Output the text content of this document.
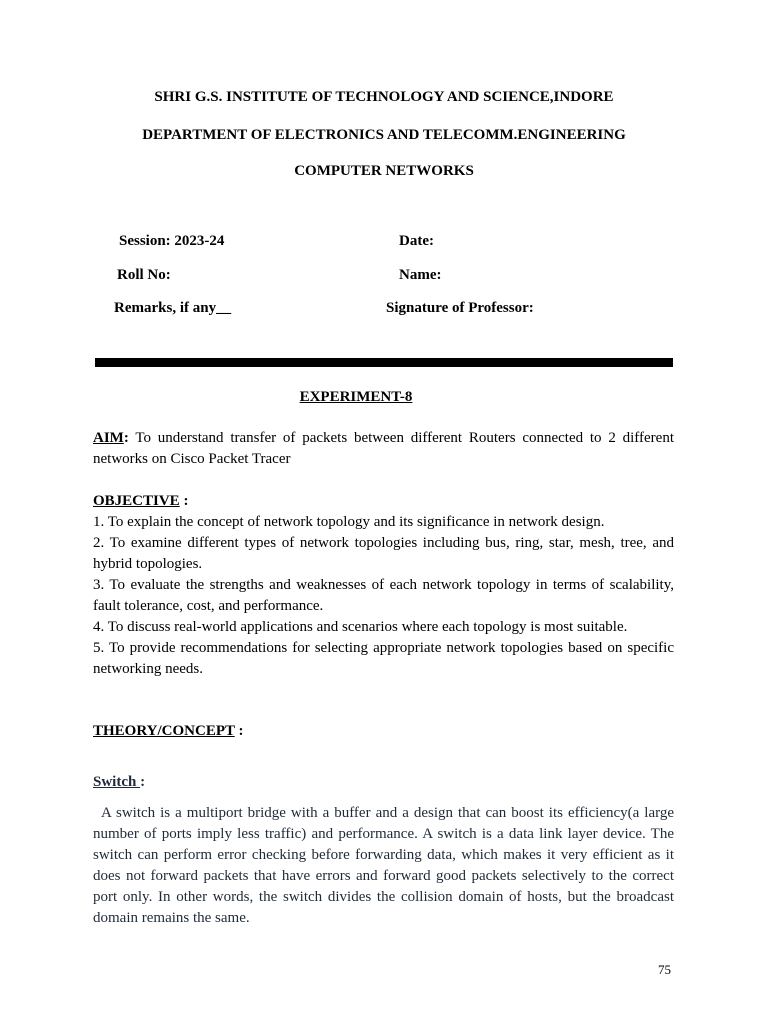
SHRI G.S. INSTITUTE OF TECHNOLOGY AND SCIENCE,INDORE
DEPARTMENT OF ELECTRONICS AND TELECOMM.ENGINEERING
COMPUTER NETWORKS
Session: 2023-24	Date:
Roll No:	Name:
Remarks, if any__	Signature of Professor:
EXPERIMENT-8
AIM: To understand transfer of packets between different Routers connected to 2 different networks on Cisco Packet Tracer
OBJECTIVE :

1. To explain the concept of network topology and its significance in network design.

2. To examine different types of network topologies including bus, ring, star, mesh, tree, and hybrid topologies.

3. To evaluate the strengths and weaknesses of each network topology in terms of scalability, fault tolerance, cost, and performance.

4. To discuss real-world applications and scenarios where each topology is most suitable.

5. To provide recommendations for selecting appropriate network topologies based on specific networking needs.

THEORY/CONCEPT :
Switch :
A switch is a multiport bridge with a buffer and a design that can boost its efficiency(a large number of ports imply less traffic) and performance. A switch is a data link layer device. The switch can perform error checking before forwarding data, which makes it very efficient as it does not forward packets that have errors and forward good packets selectively to the correct port only. In other words, the switch divides the collision domain of hosts, but the broadcast domain remains the same.
75
